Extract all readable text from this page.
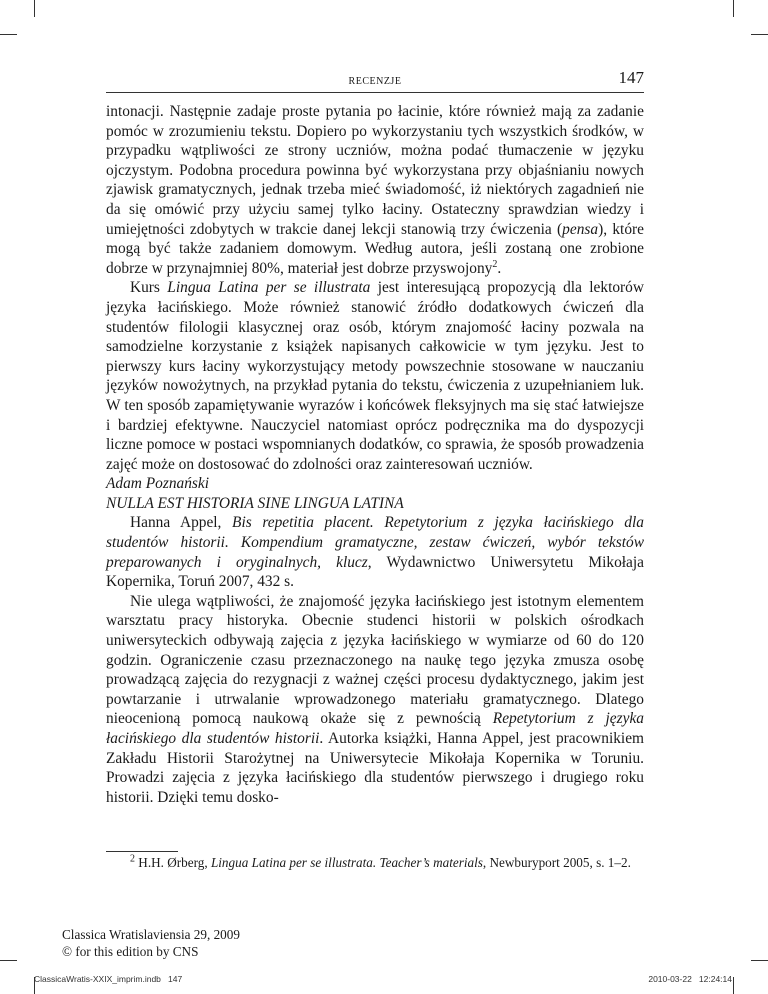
RECENZJE	147

intonacji. Następnie zadaje proste pytania po łacinie, które również mają za zadanie pomóc w zrozumieniu tekstu. Dopiero po wykorzystaniu tych wszystkich środków, w przypadku wątpliwości ze strony uczniów, można podać tłumaczenie w języku ojczystym. Podobna procedura powinna być wykorzystana przy objaśnianiu nowych zjawisk gramatycznych, jednak trzeba mieć świadomość, iż niektórych zagadnień nie da się omówić przy użyciu samej tylko łaciny. Ostateczny sprawdzian wiedzy i umiejętności zdobytych w trakcie danej lekcji stanowią trzy ćwiczenia (pensa), które mogą być także zadaniem domowym. Według autora, jeśli zostaną one zrobione dobrze w przynajmniej 80%, materiał jest dobrze przyswojony$^2$.

Kurs Lingua Latina per se illustrata jest interesującą propozycją dla lektorów języka łacińskiego. Może również stanowić źródło dodatkowych ćwiczeń dla studentów filologii klasycznej oraz osób, którym znajomość łaciny pozwala na samodzielne korzystanie z książek napisanych całkowicie w tym języku. Jest to pierwszy kurs łaciny wykorzystujący metody powszechnie stosowane w nauczaniu języków nowożytnych, na przykład pytania do tekstu, ćwiczenia z uzupełnianiem luk. W ten sposób zapamiętywanie wyrazów i końcówek fleksyjnych ma się stać łatwiejsze i bardziej efektywne. Nauczyciel natomiast oprócz podręcznika ma do dyspozycji liczne pomoce w postaci wspomnianych dodatków, co sprawia, że sposób prowadzenia zajęć może on dostosować do zdolności oraz zainteresowań uczniów.

Adam Poznański

NULLA EST HISTORIA SINE LINGUA LATINA

Hanna Appel, Bis repetitia placent. Repetytorium z języka łacińskiego dla studentów historii. Kompendium gramatyczne, zestaw ćwiczeń, wybór tekstów preparowanych i oryginalnych, klucz, Wydawnictwo Uniwersytetu Mikołaja Kopernika, Toruń 2007, 432 s.

Nie ulega wątpliwości, że znajomość języka łacińskiego jest istotnym elementem warsztatu pracy historyka. Obecnie studenci historii w polskich ośrodkach uniwersyteckich odbywają zajęcia z języka łacińskiego w wymiarze od 60 do 120 godzin. Ograniczenie czasu przeznaczonego na naukę tego języka zmusza osobę prowadzącą zajęcia do rezygnacji z ważnej części procesu dydaktycznego, jakim jest powtarzanie i utrwalanie wprowadzonego materiału gramatycznego. Dlatego nieocenioną pomocą naukową okaże się z pewnością Repetytorium z języka łacińskiego dla studentów historii. Autorka książki, Hanna Appel, jest pracownikiem Zakładu Historii Starożytnej na Uniwersytecie Mikołaja Kopernika w Toruniu. Prowadzi zajęcia z języka łacińskiego dla studentów pierwszego i drugiego roku historii. Dzięki temu dosko-

$^2$ H.H. Ørberg, Lingua Latina per se illustrata. Teacher’s materials, Newburyport 2005, s. 1–2.

Classica Wratislaviensia 29, 2009
© for this edition by CNS
ClassicaWratis-XXIX_imprim.indb   147	2010-03-22   12:24:14
